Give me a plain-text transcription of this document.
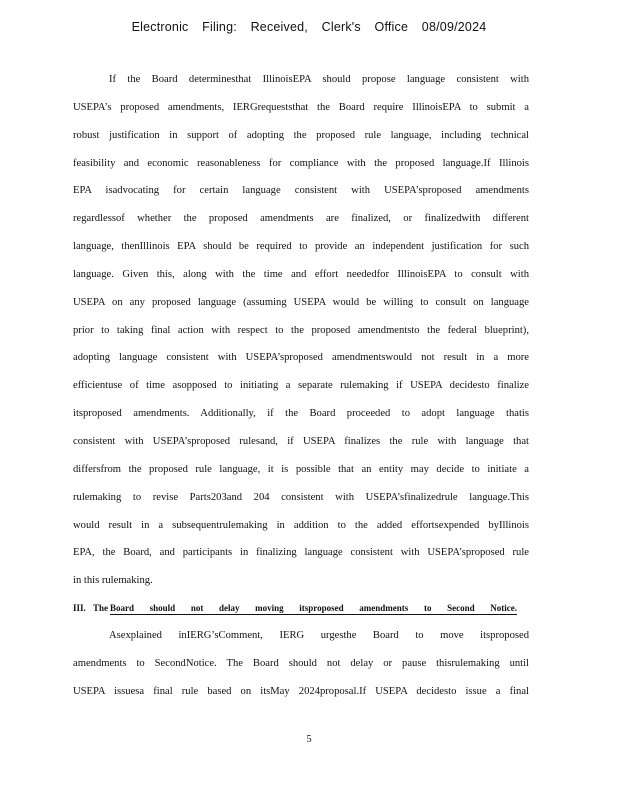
Electronic Filing: Received, Clerk's Office 08/09/2024
If the Board determinesthat IllinoisEPA should propose language consistent with
USEPA’s proposed amendments, IERGrequeststhat the Board require IllinoisEPA to submit a
robust justification in support of adopting the proposed rule language, including technical
feasibility and economic reasonableness for compliance with the proposed language.If Illinois
EPA isadvocating for certain language consistent with USEPA’sproposed amendments
regardlessof whether the proposed amendments are finalized, or finalizedwith different
language, thenIllinois EPA should be required to provide an independent justification for such
language. Given this, along with the time and effort neededfor IllinoisEPA to consult with
USEPA on any proposed language (assuming USEPA would be willing to consult on language
prior to taking final action with respect to the proposed amendmentsto the federal blueprint),
adopting language consistent with USEPA’sproposed amendmentswould not result in a more
efficientuse of time asopposed to initiating a separate rulemaking if USEPA decidesto finalize
itsproposed amendments. Additionally, if the Board proceeded to adopt language thatis
consistent with USEPA’sproposed rulesand, if USEPA finalizes the rule with language that
differsfrom the proposed rule language, it is possible that an entity may decide to initiate a
rulemaking to revise Parts203and 204 consistent with USEPA’sfinalizedrule language.This
would result in a subsequentrulemaking in addition to the added effortsexpended byIllinois
EPA, the Board, and participants in finalizing language consistent with USEPA’sproposed rule
in this rulemaking.
III. The Board should not delay moving itsproposed amendments to Second Notice.
Asexplained inIERG’sComment, IERG urgesthe Board to move itsproposed
amendments to SecondNotice. The Board should not delay or pause thisrulemaking until
USEPA issuesa final rule based on itsMay 2024proposal.If USEPA decidesto issue a final
5
